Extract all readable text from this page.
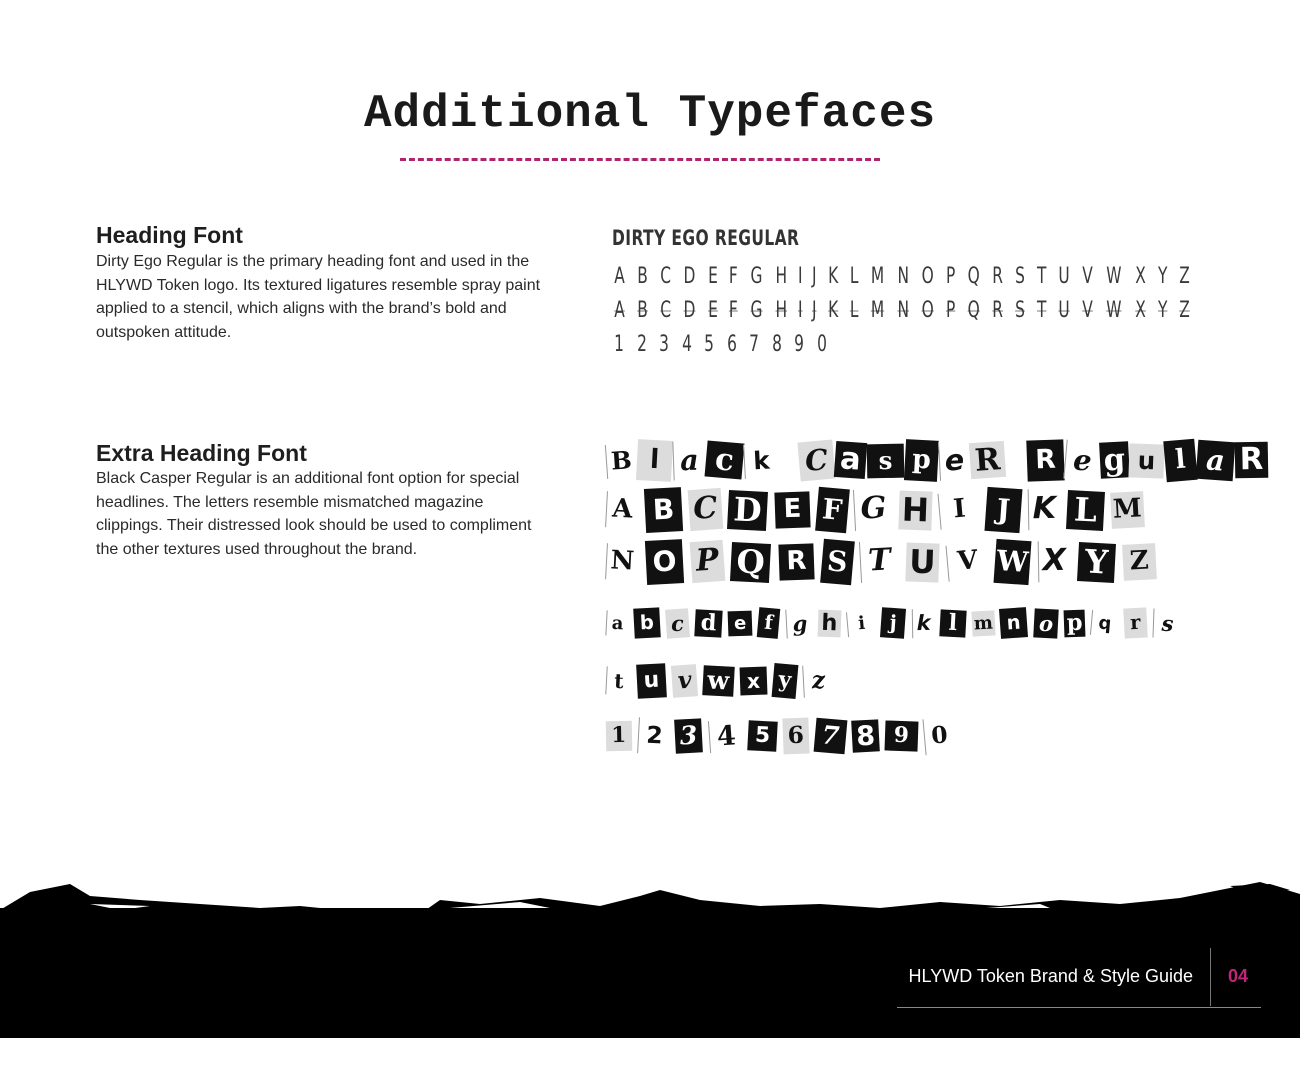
Additional Typefaces
Heading Font

Dirty Ego Regular is the primary heading font and used in the HLYWD Token logo. Its textured ligatures resemble spray paint applied to a stencil, which aligns with the brand’s bold and outspoken attitude.

DIRTY EGO REGULAR
A B C D E F G H I J K L M N O P Q R S T U V W X Y Z
A B C D E F G H I J K L M N O P Q R S T U V W X Y Z
1 2 3 4 5 6 7 8 9 0
Extra Heading Font

Black Casper Regular is an additional font option for special headlines. The letters resemble mismatched magazine clippings. Their distressed look should be used to compliment the other textures used throughout the brand.

B l a c k C a s p e R	R e g u l a R
A B C D E F G H I	J K L M
N O P Q R S T U V W X Y Z
a b c d e f g h	i	j k l m n o p q r s
t u v w x y z
1 2 3 4 5 6 7 8 9 0
HLYWD Token Brand & Style Guide 04
